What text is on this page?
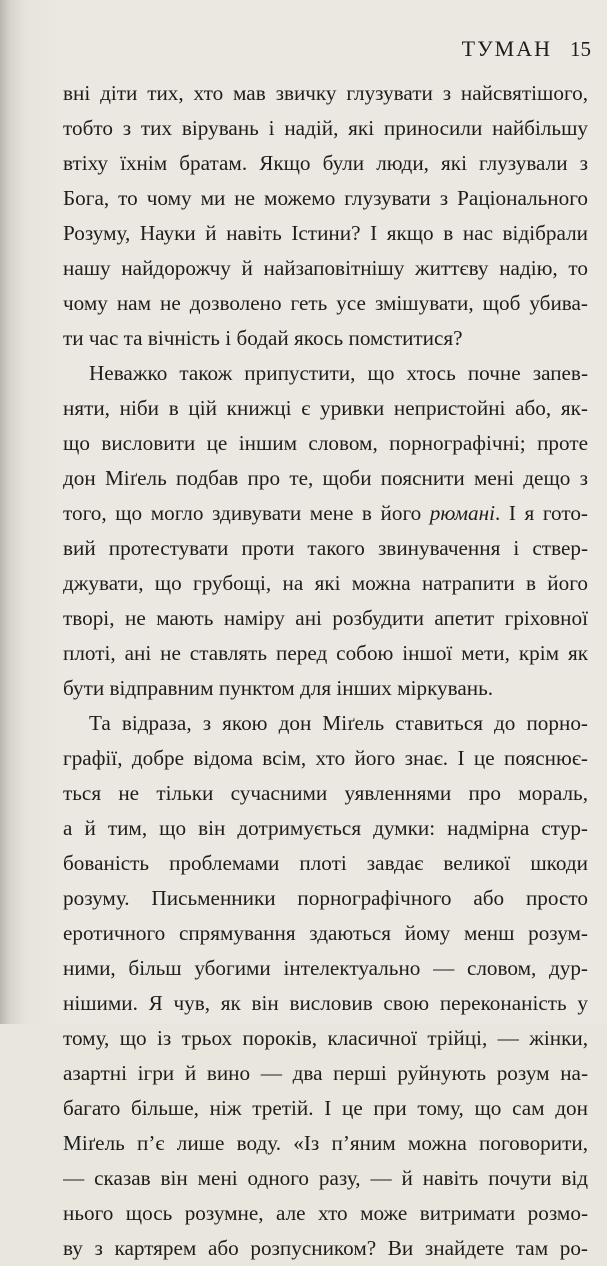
ТУМАН 15
вні діти тих, хто мав звичку глузувати з найсвятішого,
тобто з тих вірувань і надій, які приносили найбільшу
втіху їхнім братам. Якщо були люди, які глузували з
Бога, то чому ми не можемо глузувати з Раціонального
Розуму, Науки й навіть Істини? І якщо в нас відібрали
нашу найдорожчу й найзаповітнішу життєву надію, то
чому нам не дозволено геть усе змішувати, щоб убива-
ти час та вічність і бодай якось помститися?
Неважко також припустити, що хтось почне запев-
няти, ніби в цій книжці є уривки непристойні або, як-
що висловити це іншим словом, порнографічні; проте
дон Міґель подбав про те, щоби пояснити мені дещо з
того, що могло здивувати мене в його рюмані. І я гото-
вий протестувати проти такого звинувачення і ствер-
джувати, що грубощі, на які можна натрапити в його
творі, не мають наміру ані розбудити апетит гріховної
плоті, ані не ставлять перед собою іншої мети, крім як
бути відправним пунктом для інших міркувань.
Та відраза, з якою дон Міґель ставиться до порно-
графії, добре відома всім, хто його знає. І це пояснює-
ться не тільки сучасними уявленнями про мораль,
а й тим, що він дотримується думки: надмірна стур-
бованість проблемами плоті завдає великої шкоди
розуму. Письменники порнографічного або просто
еротичного спрямування здаються йому менш розум-
ними, більш убогими інтелектуально — словом, дур-
нішими. Я чув, як він висловив свою переконаність у
тому, що із трьох пороків, класичної трійці, — жінки,
азартні ігри й вино — два перші руйнують розум на-
багато більше, ніж третій. І це при тому, що сам дон
Міґель п’є лише воду. «Із п’яним можна поговорити,
— сказав він мені одного разу, — й навіть почути від
нього щось розумне, але хто може витримати розмо-
ву з картярем або розпусником? Ви знайдете там ро-
